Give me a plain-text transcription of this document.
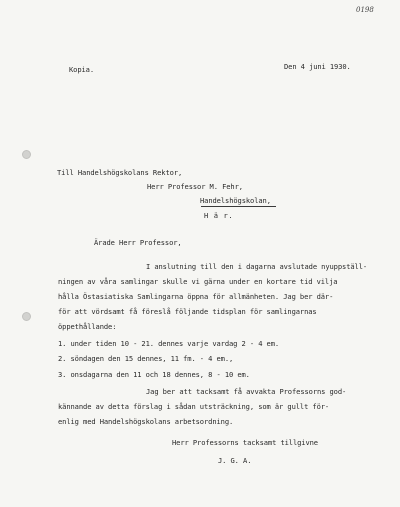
0198
Kopia.	Den 4 juni 1930.
Till Handelshögskolans Rektor,
Herr Professor M. Fehr,
Handelshögskolan,
H ä r.
Ärade Herr Professor,
I anslutning till den i dagarna avslutade nyuppställ-
ningen av våra samlingar skulle vi gärna under en kortare tid vilja
hålla Östasiatiska Samlingarna öppna för allmänheten. Jag ber där-
för att vördsamt få föreslå följande tidsplan för samlingarnas
öppethållande:
1. under tiden 10 - 21. dennes varje vardag 2 - 4 em.
2. söndagen den 15 dennes, 11 fm. - 4 em.,
3. onsdagarna den 11 och 18 dennes, 8 - 10 em.
Jag ber att tacksamt få avvakta Professorns god-
kännande av detta förslag i sådan utsträckning, som är gullt för-
enlig med Handelshögskolans arbetsordning.
Herr Professorns tacksamt tillgivne
J. G. A.
